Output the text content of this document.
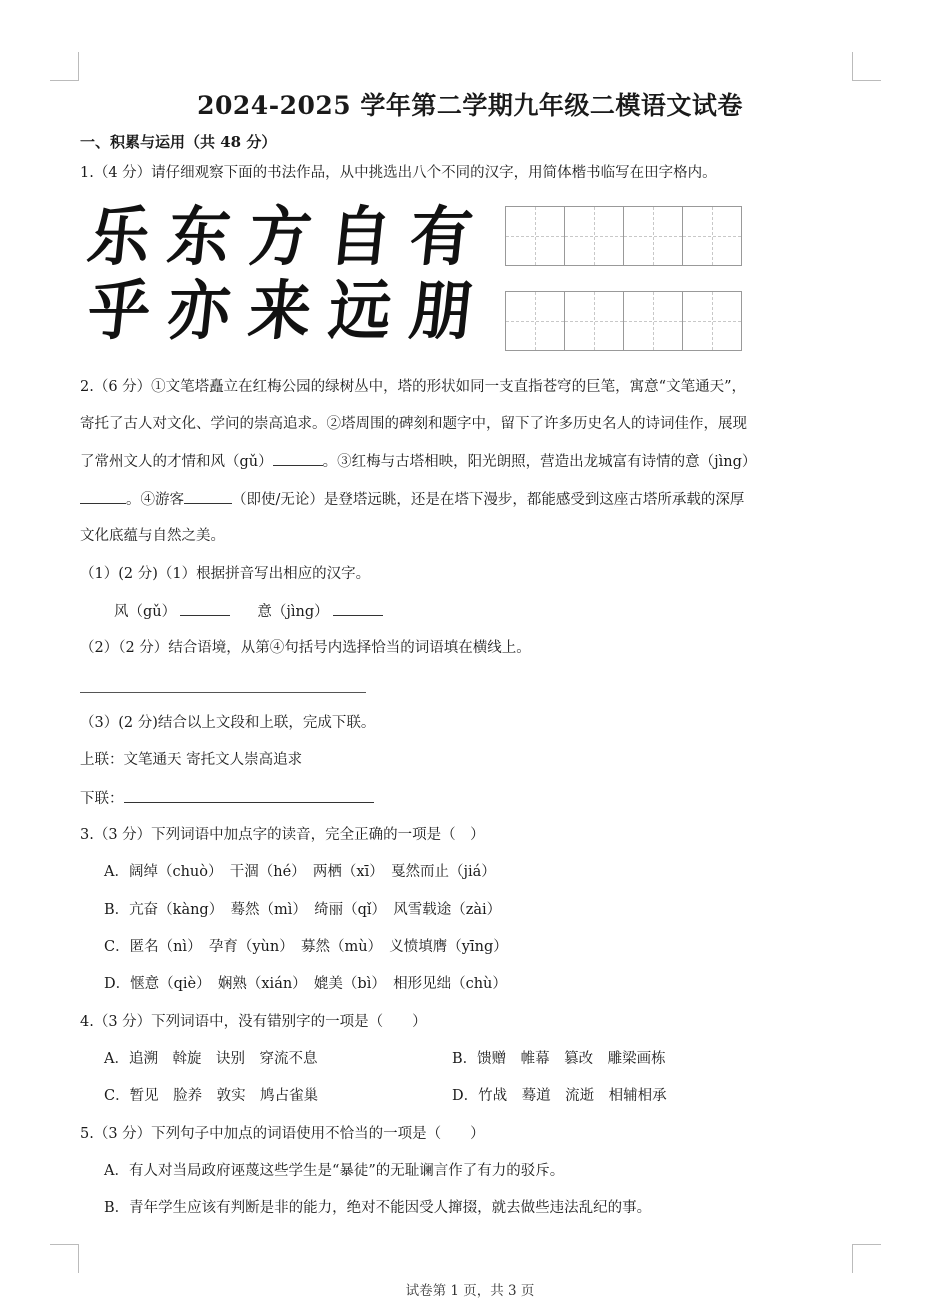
2024-2025 学年第二学期九年级二模语文试卷
一、积累与运用（共 48 分）
1.（4 分）请仔细观察下面的书法作品，从中挑选出八个不同的汉字，用简体楷书临写在田字格内。
乐 东 方 自 有
乎 亦 来 远 朋
2.（6 分）①文笔塔矗立在红梅公园的绿树丛中，塔的形状如同一支直指苍穹的巨笔，寓意“文笔通天”，
寄托了古人对文化、学问的崇高追求。②塔周围的碑刻和题字中，留下了许多历史名人的诗词佳作，展现
了常州文人的才情和风（gǔ）	。③红梅与古塔相映，阳光朗照，营造出龙城富有诗情的意（jìng）
。④游客	（即使/无论）是登塔远眺，还是在塔下漫步，都能感受到这座古塔所承载的深厚
文化底蕴与自然之美。
（1）(2 分)（1）根据拼音写出相应的汉字。
风（gǔ）	意（jìng）
（2）（2 分）结合语境，从第④句括号内选择恰当的词语填在横线上。
（3）(2 分)结合以上文段和上联，完成下联。
上联：文笔通天 寄托文人崇高追求
下联：
3.（3 分）下列词语中加点字的读音，完全正确的一项是（　）
A．阔绰（chuò）　干涸（hé）　两栖（xī）　戛然而止（jiá）
B．亢奋（kàng）　蓦然（mì）　绮丽（qǐ）　风雪载途（zài）
C．匿名（nì）　孕育（yùn）　募然（mù）　义愤填膺（yīng）
D．惬意（qiè）　娴熟（xián）　媲美（bì）　相形见绌（chù）
4.（3 分）下列词语中，没有错别字的一项是（　　）
A．追溯　斡旋　诀别　穿流不息	B．馈赠　帷幕　篡改　雕梁画栋
C．暂见　脸养　敦实　鸠占雀巢	D．竹战　蓦道　流逝　相辅相承
5.（3 分）下列句子中加点的词语使用不恰当的一项是（　　）
A．有人对当局政府诬蔑这些学生是“暴徒”的无耻谰言作了有力的驳斥。
B．青年学生应该有判断是非的能力，绝对不能因受人撺掇，就去做些违法乱纪的事。
试卷第 1 页，共 3 页
